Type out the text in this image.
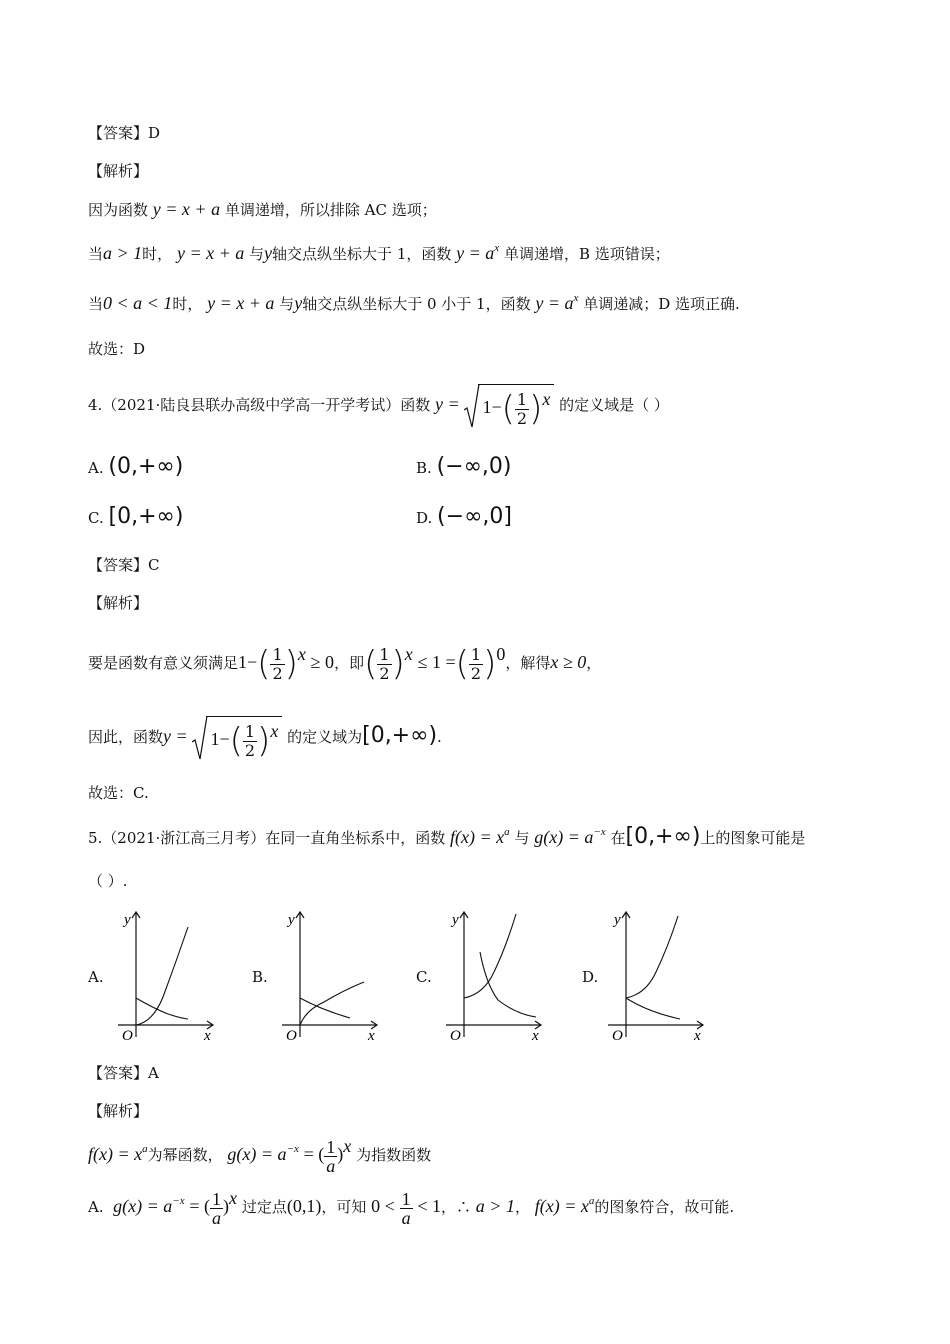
【答案】D
【解析】
因为函数 y = x + a 单调递增，所以排除 AC 选项；
当a > 1时， y = x + a 与y轴交点纵坐标大于 1，函数 $y = a^x$ 单调递增，B 选项错误；
当0 < a < 1时， y = x + a 与y轴交点纵坐标大于 0 小于 1，函数 $y = a^x$ 单调递减；D 选项正确.
故选：D
4.（2021·陆良县联办高级中学高一开学考试）函数 $y = 1-( \frac{1}{2} )^x$ 的定义域是（ ）
A. (0,+∞)	B. (−∞,0)
C. [0,+∞)	D. (−∞,0]
【答案】C
【解析】
要是函数有意义须满足$1-( \frac{1}{2} )^x \ge 0$，即( $\frac{1}{2} )^x \le 1$ =( $\frac{1}{2} )^0$，解得x ≥ 0，
因此，函数$y = 1-( \frac{1}{2} )^x$ 的定义域为[0,+∞).
故选：C.
5.（2021·浙江高三月考）在同一直角坐标系中，函数 $f(x) = x^a$ 与 $g(x) = a^{-x}$ 在[0,+∞)上的图象可能是
（ ）.
A.
y
x
O
B.
y
x
O
C.
y
x
O
D.
y
x
O
【答案】A
【解析】
$f(x) = x^a$为幂函数， $g(x) = a^{-x}$ = ( $\frac{1}{a} )^x$ 为指数函数
A. $g(x) = a^{-x}$ = ( $\frac{1}{a} )^x$ 过定点(0,1)，可知 $0 < \frac{1}{a} < 1$，∴ a > 1， $f(x) = x^a$的图象符合，故可能.
